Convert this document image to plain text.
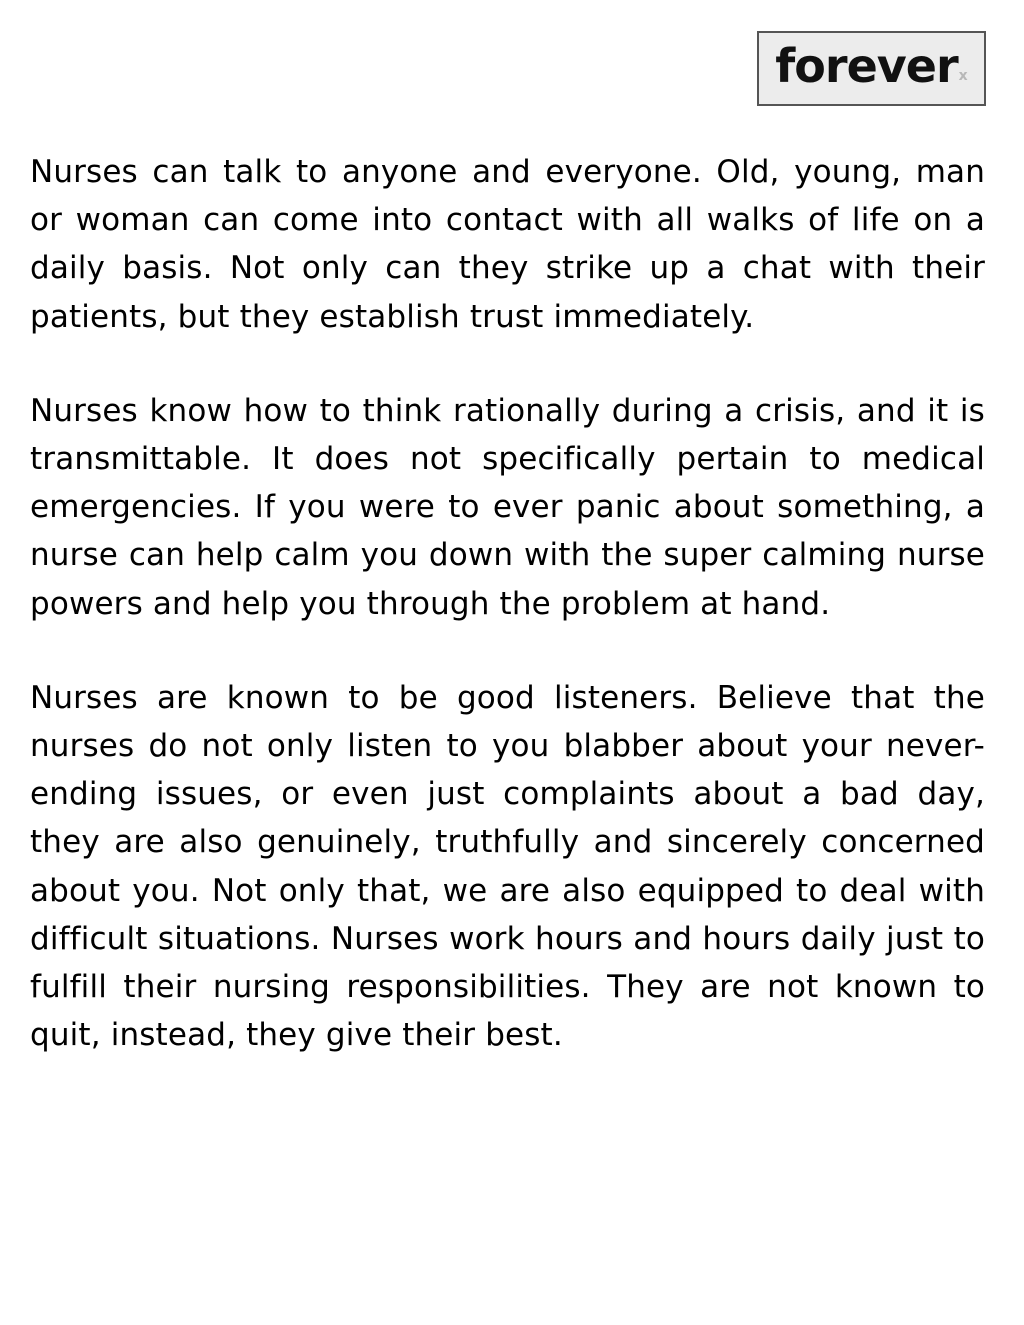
forever x

Nurses can talk to anyone and everyone. Old, young, man or woman can come into contact with all walks of life on a daily basis. Not only can they strike up a chat with their patients, but they establish trust immediately.

Nurses know how to think rationally during a crisis, and it is transmittable. It does not specifically pertain to medical emergencies. If you were to ever panic about something, a nurse can help calm you down with the super calming nurse powers and help you through the problem at hand.

Nurses are known to be good listeners. Believe that the nurses do not only listen to you blabber about your never-ending issues, or even just complaints about a bad day, they are also genuinely, truthfully and sincerely concerned about you. Not only that, we are also equipped to deal with difficult situations. Nurses work hours and hours daily just to fulfill their nursing responsibilities. They are not known to quit, instead, they give their best.
